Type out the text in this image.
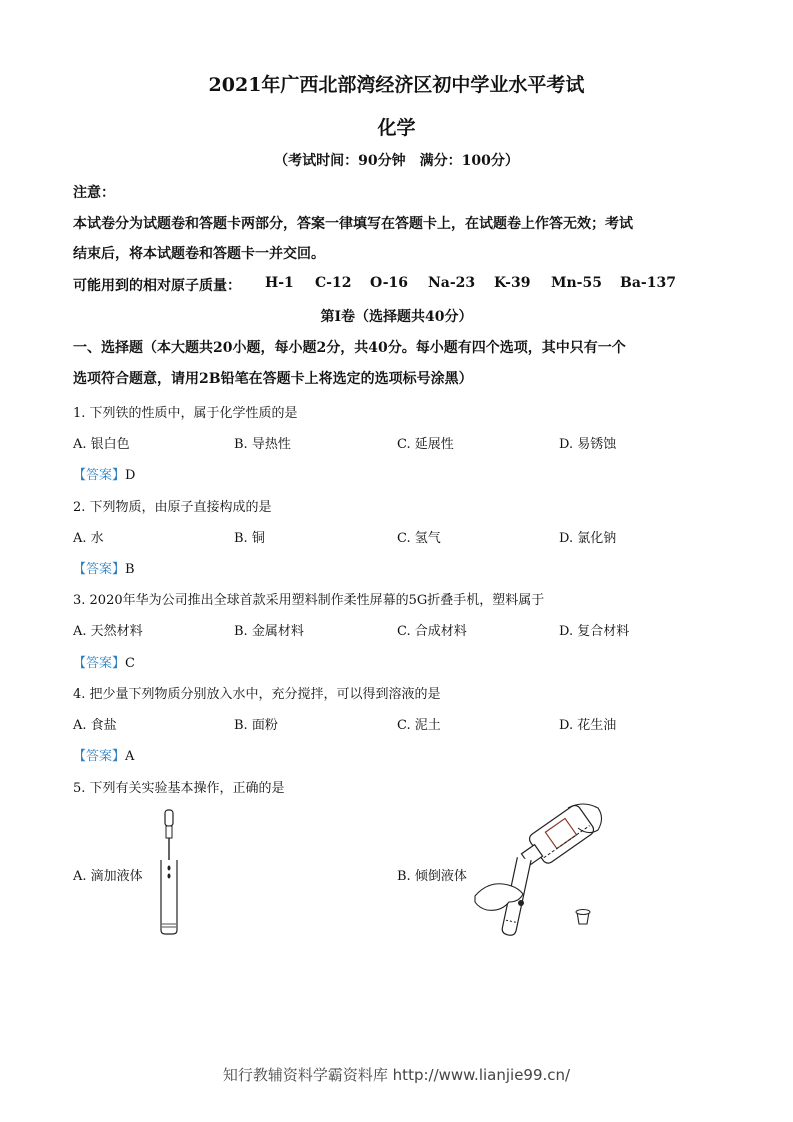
2021年广西北部湾经济区初中学业水平考试
化学
（考试时间：90分钟　满分：100分）
注意：
本试卷分为试题卷和答题卡两部分，答案一律填写在答题卡上，在试题卷上作答无效；考试
结束后，将本试题卷和答题卡一并交回。
可能用到的相对原子质量： H-1 C-12 O-16 Na-23 K-39 Mn-55 Ba-137
第I卷（选择题共40分）
一、选择题（本大题共20小题，每小题2分，共40分。每小题有四个选项，其中只有一个
选项符合题意，请用2B铅笔在答题卡上将选定的选项标号涂黑）
1. 下列铁的性质中，属于化学性质的是
A. 银白色	B. 导热性	C. 延展性	D. 易锈蚀
【答案】D
2. 下列物质，由原子直接构成的是
A. 水	B. 铜	C. 氢气	D. 氯化钠
【答案】B
3. 2020年华为公司推出全球首款采用塑料制作柔性屏幕的5G折叠手机，塑料属于
A. 天然材料	B. 金属材料	C. 合成材料	D. 复合材料
【答案】C
4. 把少量下列物质分别放入水中，充分搅拌，可以得到溶液的是
A. 食盐	B. 面粉	C. 泥土	D. 花生油
【答案】A
5. 下列有关实验基本操作，正确的是
A. 滴加液体	B. 倾倒液体
知行教辅资料学霸资料库 http://www.lianjie99.cn/
